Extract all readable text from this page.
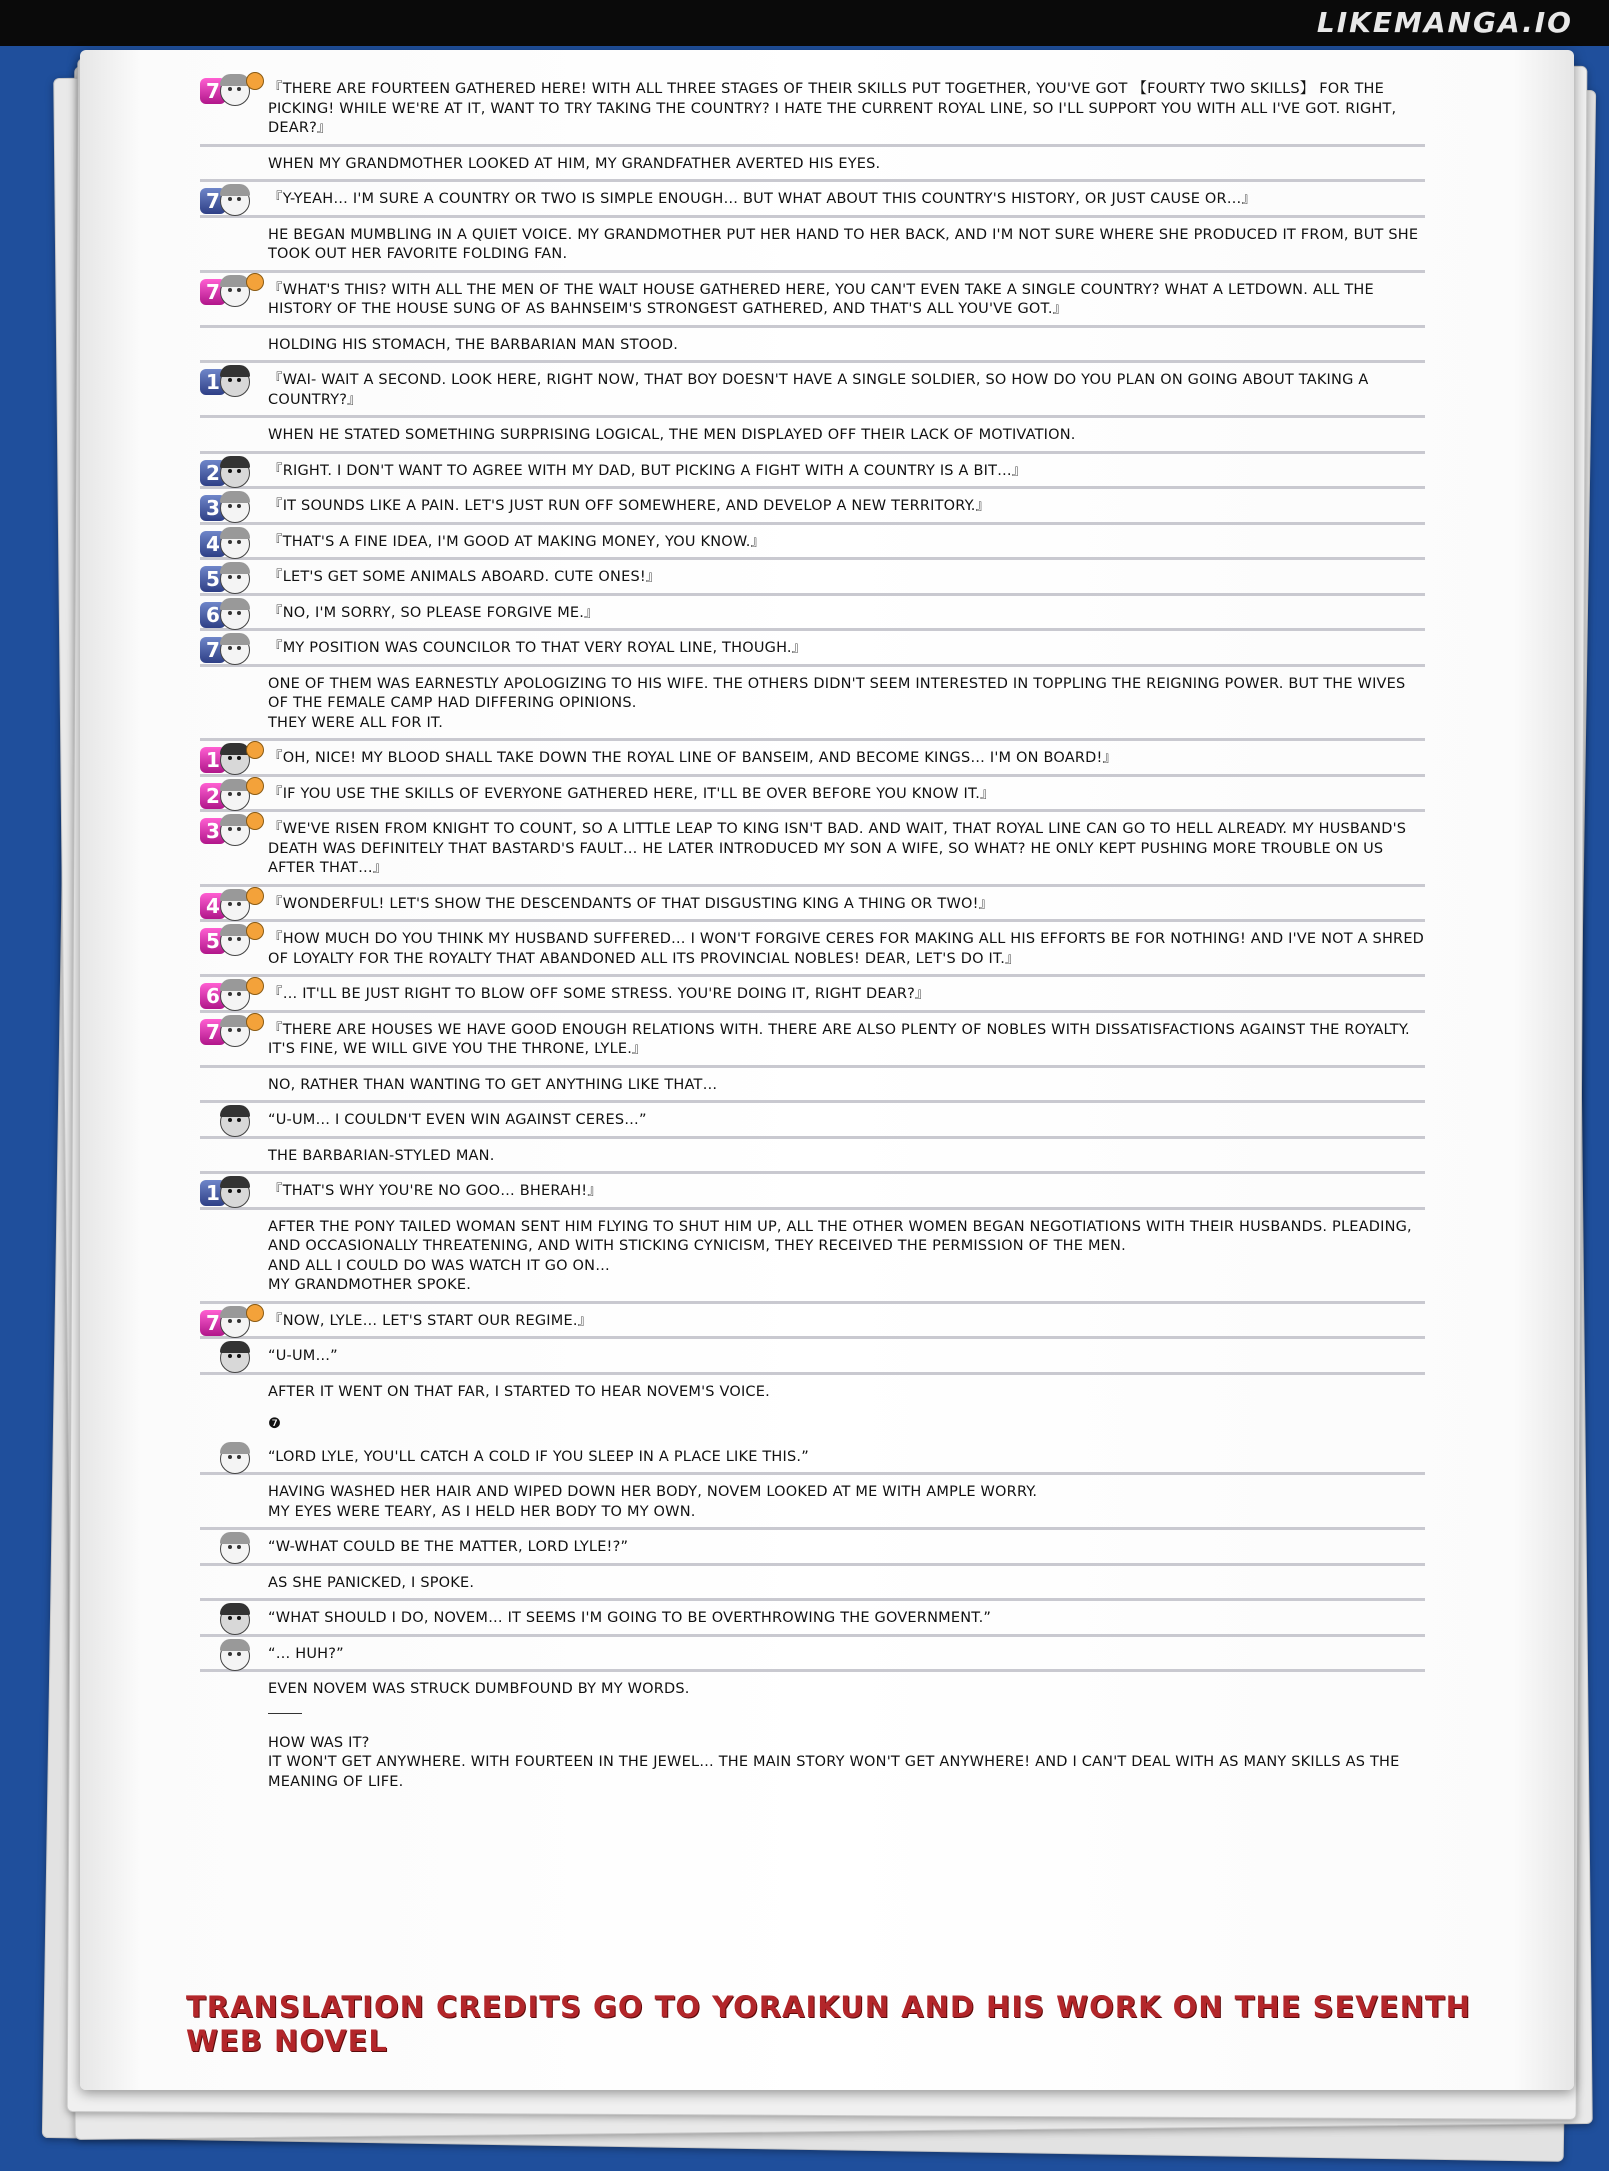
LIKEMANGA.IO
7	『THERE ARE FOURTEEN GATHERED HERE! WITH ALL THREE STAGES OF THEIR SKILLS PUT TOGETHER, YOU'VE GOT 【FOURTY TWO SKILLS】 FOR THE PICKING! WHILE WE'RE AT IT, WANT TO TRY TAKING THE COUNTRY? I HATE THE CURRENT ROYAL LINE, SO I'LL SUPPORT YOU WITH ALL I'VE GOT. RIGHT, DEAR?』
WHEN MY GRANDMOTHER LOOKED AT HIM, MY GRANDFATHER AVERTED HIS EYES.
7	『Y-YEAH… I'M SURE A COUNTRY OR TWO IS SIMPLE ENOUGH… BUT WHAT ABOUT THIS COUNTRY'S HISTORY, OR JUST CAUSE OR…』
HE BEGAN MUMBLING IN A QUIET VOICE. MY GRANDMOTHER PUT HER HAND TO HER BACK, AND I'M NOT SURE WHERE SHE PRODUCED IT FROM, BUT SHE TOOK OUT HER FAVORITE FOLDING FAN.
7	『WHAT'S THIS? WITH ALL THE MEN OF THE WALT HOUSE GATHERED HERE, YOU CAN'T EVEN TAKE A SINGLE COUNTRY? WHAT A LETDOWN. ALL THE HISTORY OF THE HOUSE SUNG OF AS BAHNSEIM'S STRONGEST GATHERED, AND THAT'S ALL YOU'VE GOT.』
HOLDING HIS STOMACH, THE BARBARIAN MAN STOOD.
1	『WAI- WAIT A SECOND. LOOK HERE, RIGHT NOW, THAT BOY DOESN'T HAVE A SINGLE SOLDIER, SO HOW DO YOU PLAN ON GOING ABOUT TAKING A COUNTRY?』
WHEN HE STATED SOMETHING SURPRISING LOGICAL, THE MEN DISPLAYED OFF THEIR LACK OF MOTIVATION.
2	『RIGHT. I DON'T WANT TO AGREE WITH MY DAD, BUT PICKING A FIGHT WITH A COUNTRY IS A BIT…』
3	『IT SOUNDS LIKE A PAIN. LET'S JUST RUN OFF SOMEWHERE, AND DEVELOP A NEW TERRITORY.』
4	『THAT'S A FINE IDEA, I'M GOOD AT MAKING MONEY, YOU KNOW.』
5	『LET'S GET SOME ANIMALS ABOARD. CUTE ONES!』
6	『NO, I'M SORRY, SO PLEASE FORGIVE ME.』
7	『MY POSITION WAS COUNCILOR TO THAT VERY ROYAL LINE, THOUGH.』
ONE OF THEM WAS EARNESTLY APOLOGIZING TO HIS WIFE. THE OTHERS DIDN'T SEEM INTERESTED IN TOPPLING THE REIGNING POWER. BUT THE WIVES OF THE FEMALE CAMP HAD DIFFERING OPINIONS.
THEY WERE ALL FOR IT.
1	『OH, NICE! MY BLOOD SHALL TAKE DOWN THE ROYAL LINE OF BANSEIM, AND BECOME KINGS… I'M ON BOARD!』
2	『IF YOU USE THE SKILLS OF EVERYONE GATHERED HERE, IT'LL BE OVER BEFORE YOU KNOW IT.』
3	『WE'VE RISEN FROM KNIGHT TO COUNT, SO A LITTLE LEAP TO KING ISN'T BAD. AND WAIT, THAT ROYAL LINE CAN GO TO HELL ALREADY. MY HUSBAND'S DEATH WAS DEFINITELY THAT BASTARD'S FAULT… HE LATER INTRODUCED MY SON A WIFE, SO WHAT? HE ONLY KEPT PUSHING MORE TROUBLE ON US AFTER THAT…』
4	『WONDERFUL! LET'S SHOW THE DESCENDANTS OF THAT DISGUSTING KING A THING OR TWO!』
5	『HOW MUCH DO YOU THINK MY HUSBAND SUFFERED… I WON'T FORGIVE CERES FOR MAKING ALL HIS EFFORTS BE FOR NOTHING! AND I'VE NOT A SHRED OF LOYALTY FOR THE ROYALTY THAT ABANDONED ALL ITS PROVINCIAL NOBLES! DEAR, LET'S DO IT.』
6	『… IT'LL BE JUST RIGHT TO BLOW OFF SOME STRESS. YOU'RE DOING IT, RIGHT DEAR?』
7	『THERE ARE HOUSES WE HAVE GOOD ENOUGH RELATIONS WITH. THERE ARE ALSO PLENTY OF NOBLES WITH DISSATISFACTIONS AGAINST THE ROYALTY. IT'S FINE, WE WILL GIVE YOU THE THRONE, LYLE.』
NO, RATHER THAN WANTING TO GET ANYTHING LIKE THAT…
“U-UM… I COULDN'T EVEN WIN AGAINST CERES…”
THE BARBARIAN-STYLED MAN.
1	『THAT'S WHY YOU'RE NO GOO… BHERAH!』
AFTER THE PONY TAILED WOMAN SENT HIM FLYING TO SHUT HIM UP, ALL THE OTHER WOMEN BEGAN NEGOTIATIONS WITH THEIR HUSBANDS. PLEADING, AND OCCASIONALLY THREATENING, AND WITH STICKING CYNICISM, THEY RECEIVED THE PERMISSION OF THE MEN.
AND ALL I COULD DO WAS WATCH IT GO ON…
MY GRANDMOTHER SPOKE.
7	『NOW, LYLE… LET'S START OUR REGIME.』
“U-UM…”
AFTER IT WENT ON THAT FAR, I STARTED TO HEAR NOVEM'S VOICE.
❼
“LORD LYLE, YOU'LL CATCH A COLD IF YOU SLEEP IN A PLACE LIKE THIS.”
HAVING WASHED HER HAIR AND WIPED DOWN HER BODY, NOVEM LOOKED AT ME WITH AMPLE WORRY.
MY EYES WERE TEARY, AS I HELD HER BODY TO MY OWN.
“W-WHAT COULD BE THE MATTER, LORD LYLE!?”
AS SHE PANICKED, I SPOKE.
“WHAT SHOULD I DO, NOVEM… IT SEEMS I'M GOING TO BE OVERTHROWING THE GOVERNMENT.”
“… HUH?”
EVEN NOVEM WAS STRUCK DUMBFOUND BY MY WORDS.
HOW WAS IT?
IT WON'T GET ANYWHERE. WITH FOURTEEN IN THE JEWEL… THE MAIN STORY WON'T GET ANYWHERE! AND I CAN'T DEAL WITH AS MANY SKILLS AS THE MEANING OF LIFE.
TRANSLATION CREDITS GO TO YORAIKUN AND HIS WORK ON THE SEVENTH WEB NOVEL
